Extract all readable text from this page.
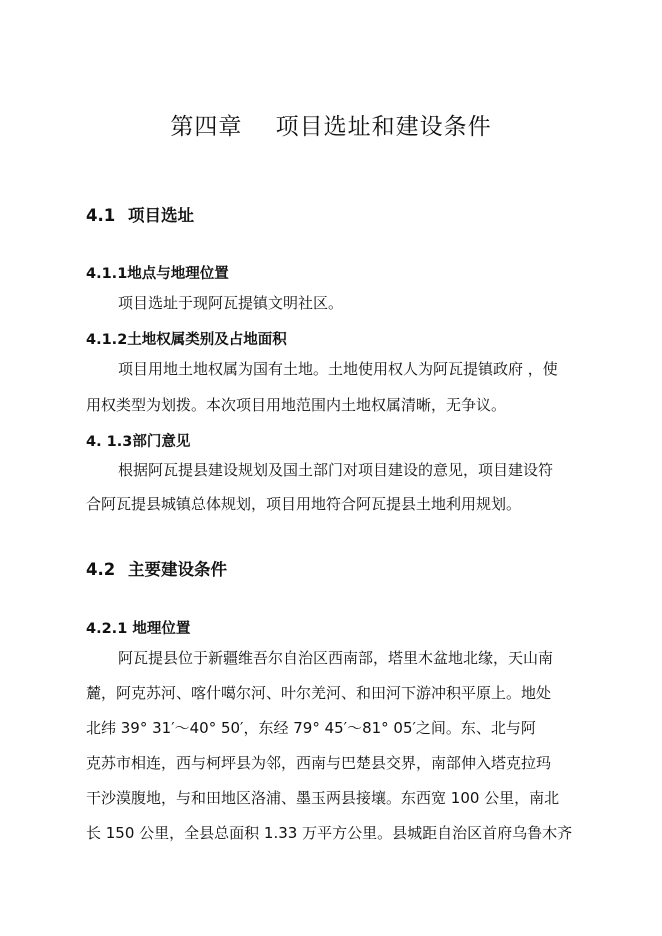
第四章    项目选址和建设条件
4.1 项目选址
4.1.1地点与地理位置
项目选址于现阿瓦提镇文明社区。
4.1.2土地权属类别及占地面积
项目用地土地权属为国有土地。土地使用权人为阿瓦提镇政府 ，使
用权类型为划拨。本次项目用地范围内土地权属清晰，无争议。
4. 1.3部门意见
根据阿瓦提县建设规划及国土部门对项目建设的意见，项目建设符
合阿瓦提县城镇总体规划，项目用地符合阿瓦提县土地利用规划。
4.2 主要建设条件
4.2.1 地理位置
阿瓦提县位于新疆维吾尔自治区西南部，塔里木盆地北缘，天山南
麓，阿克苏河、喀什噶尔河、叶尔羌河、和田河下游冲积平原上。地处
北纬 39° 31′～40° 50′，东经 79° 45′～81° 05′之间。东、北与阿
克苏市相连，西与柯坪县为邻，西南与巴楚县交界，南部伸入塔克拉玛
干沙漠腹地，与和田地区洛浦、墨玉两县接壤。东西宽 100 公里，南北
长 150 公里，全县总面积 1.33 万平方公里。县城距自治区首府乌鲁木齐
